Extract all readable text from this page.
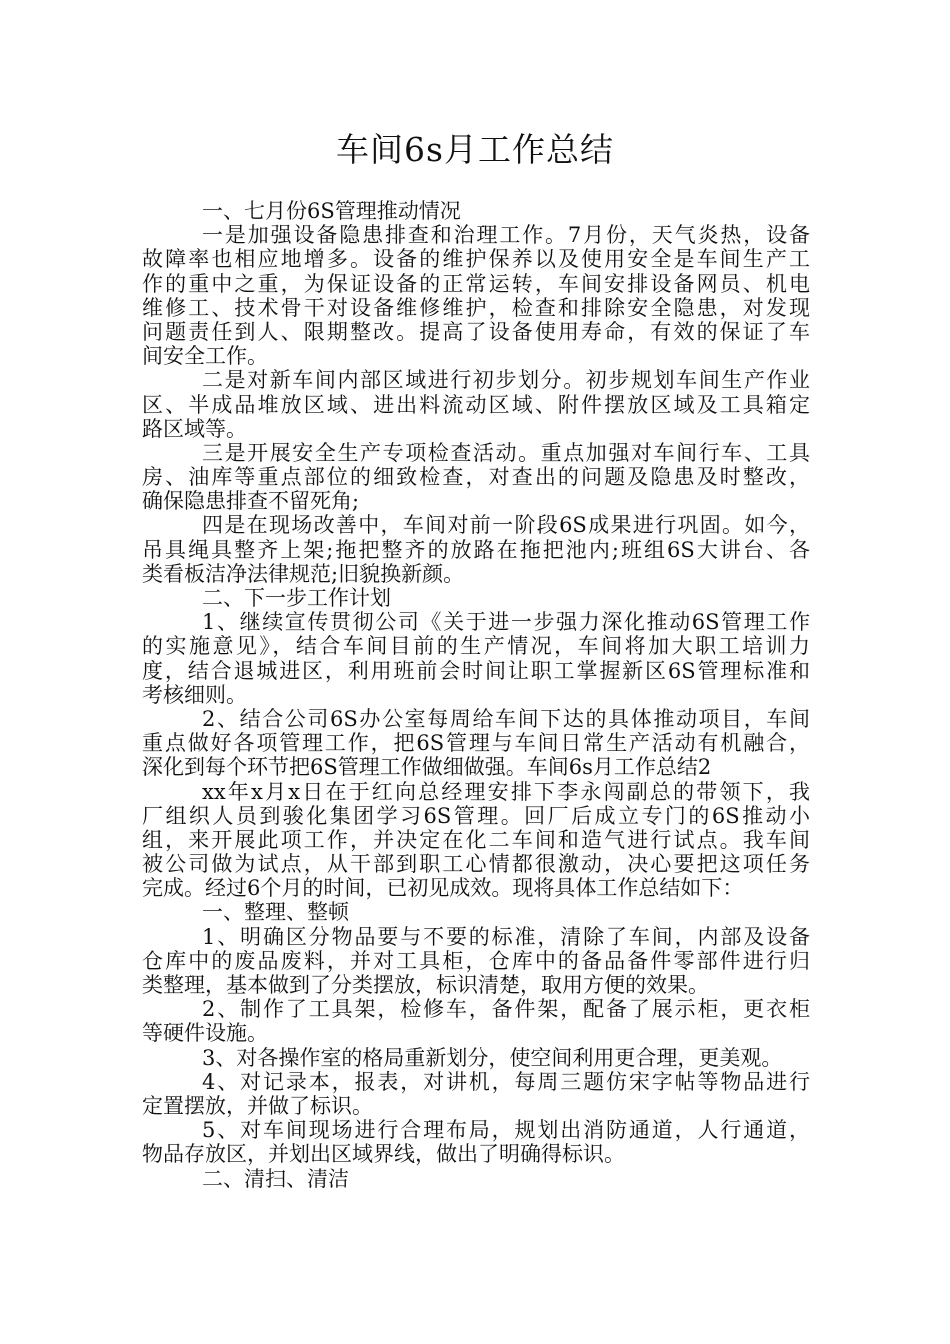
车间6s月工作总结
一、七月份6S管理推动情况
一是加强设备隐患排查和治理工作。7月份，天气炎热，设备
故障率也相应地增多。设备的维护保养以及使用安全是车间生产工
作的重中之重，为保证设备的正常运转，车间安排设备网员、机电
维修工、技术骨干对设备维修维护，检查和排除安全隐患，对发现
问题责任到人、限期整改。提高了设备使用寿命，有效的保证了车
间安全工作。
二是对新车间内部区域进行初步划分。初步规划车间生产作业
区、半成品堆放区域、进出料流动区域、附件摆放区域及工具箱定
路区域等。
三是开展安全生产专项检查活动。重点加强对车间行车、工具
房、油库等重点部位的细致检查，对查出的问题及隐患及时整改，
确保隐患排查不留死角;
四是在现场改善中，车间对前一阶段6S成果进行巩固。如今，
吊具绳具整齐上架;拖把整齐的放路在拖把池内;班组6S大讲台、各
类看板洁净法律规范;旧貌换新颜。
二、下一步工作计划
1、继续宣传贯彻公司《关于进一步强力深化推动6S管理工作
的实施意见》，结合车间目前的生产情况，车间将加大职工培训力
度，结合退城进区，利用班前会时间让职工掌握新区6S管理标准和
考核细则。
2、结合公司6S办公室每周给车间下达的具体推动项目，车间
重点做好各项管理工作，把6S管理与车间日常生产活动有机融合，
深化到每个环节把6S管理工作做细做强。车间6s月工作总结2
xx年x月x日在于红向总经理安排下李永闯副总的带领下，我
厂组织人员到骏化集团学习6S管理。回厂后成立专门的6S推动小
组，来开展此项工作，并决定在化二车间和造气进行试点。我车间
被公司做为试点，从干部到职工心情都很激动，决心要把这项任务
完成。经过6个月的时间，已初见成效。现将具体工作总结如下：
一、整理、整顿
1、明确区分物品要与不要的标准，清除了车间，内部及设备
仓库中的废品废料，并对工具柜，仓库中的备品备件零部件进行归
类整理，基本做到了分类摆放，标识清楚，取用方便的效果。
2、制作了工具架，检修车，备件架，配备了展示柜，更衣柜
等硬件设施。
3、对各操作室的格局重新划分，使空间利用更合理，更美观。
4、对记录本，报表，对讲机，每周三题仿宋字帖等物品进行
定置摆放，并做了标识。
5、对车间现场进行合理布局，规划出消防通道，人行通道，
物品存放区，并划出区域界线，做出了明确得标识。
二、清扫、清洁
